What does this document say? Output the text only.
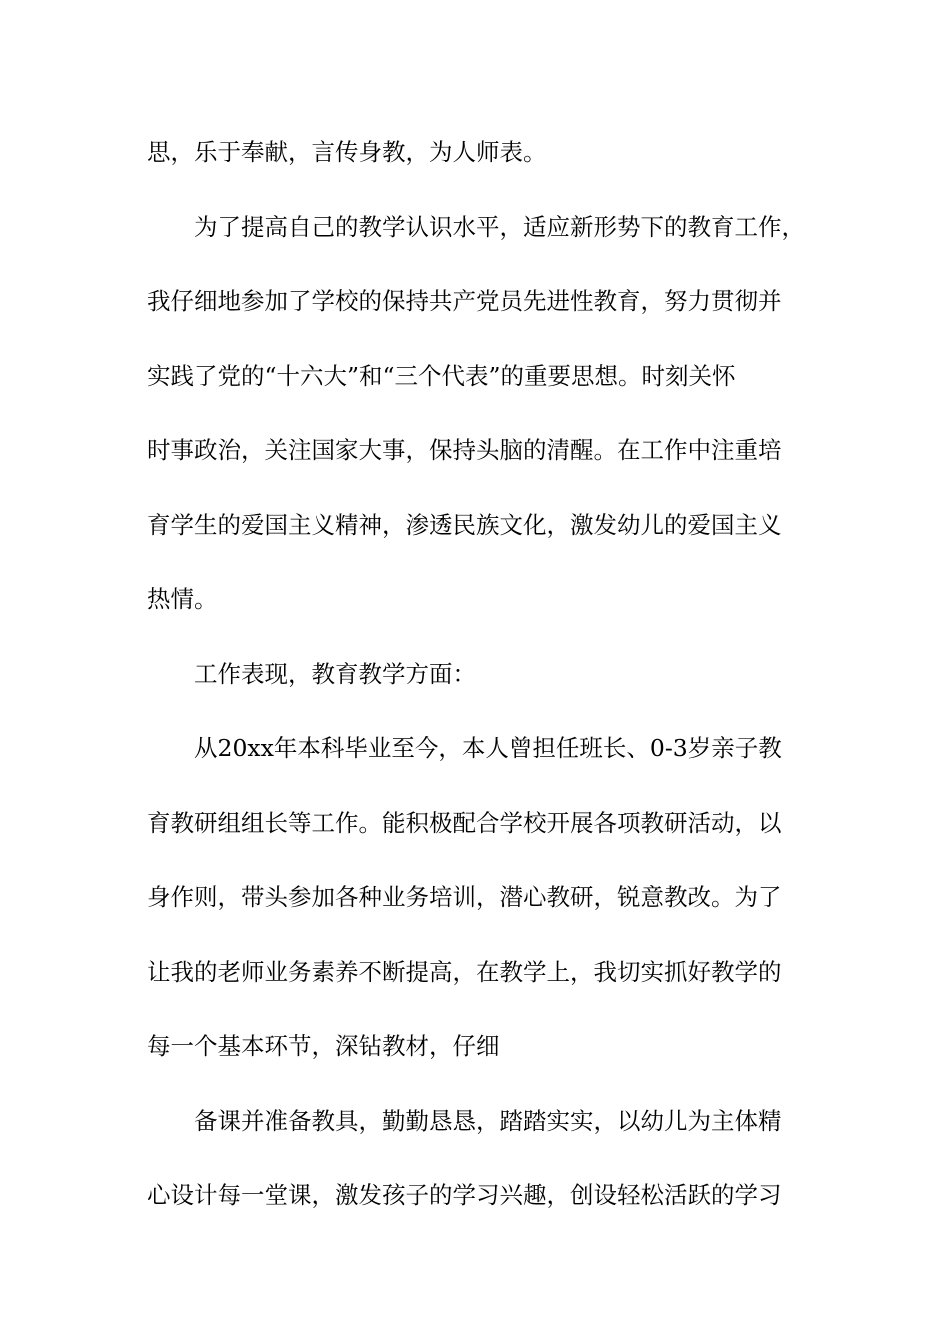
思，乐于奉献，言传身教，为人师表。
为了提高自己的教学认识水平，适应新形势下的教育工作，
我仔细地参加了学校的保持共产党员先进性教育，努力贯彻并
实践了党的“十六大”和“三个代表”的重要思想。时刻关怀
时事政治，关注国家大事，保持头脑的清醒。在工作中注重培
育学生的爱国主义精神，渗透民族文化，激发幼儿的爱国主义
热情。
工作表现，教育教学方面：
从20xx年本科毕业至今，本人曾担任班长、0-3岁亲子教
育教研组组长等工作。能积极配合学校开展各项教研活动，以
身作则，带头参加各种业务培训，潜心教研，锐意教改。为了
让我的老师业务素养不断提高，在教学上，我切实抓好教学的
每一个基本环节，深钻教材，仔细
备课并准备教具，勤勤恳恳，踏踏实实，以幼儿为主体精
心设计每一堂课，激发孩子的学习兴趣，创设轻松活跃的学习
